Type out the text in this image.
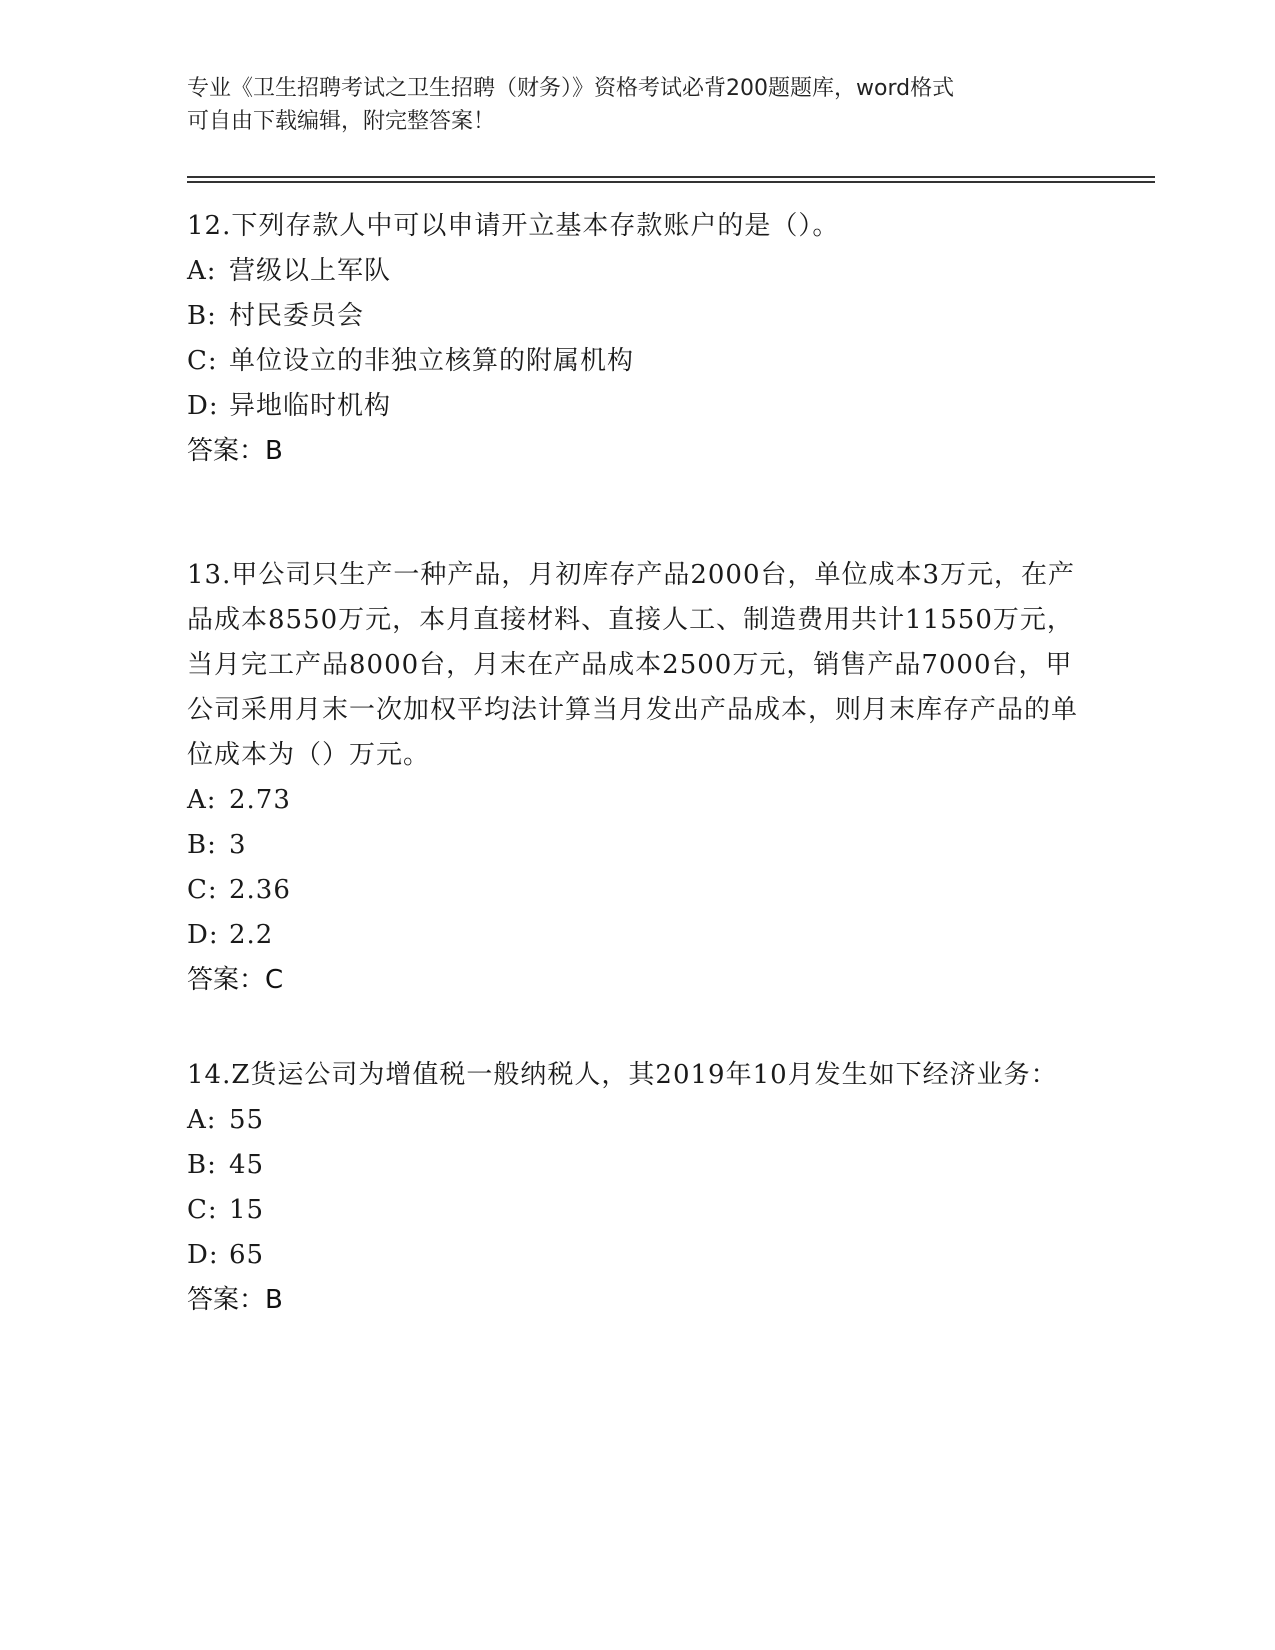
专业《卫生招聘考试之卫生招聘（财务）》资格考试必背200题题库，word格式
可自由下载编辑，附完整答案！

12.下列存款人中可以申请开立基本存款账户的是（）。

A: 营级以上军队

B: 村民委员会

C: 单位设立的非独立核算的附属机构

D: 异地临时机构

答案：B

13.甲公司只生产一种产品，月初库存产品2000台，单位成本3万元，在产品成本8550万元，本月直接材料、直接人工、制造费用共计11550万元，当月完工产品8000台，月末在产品成本2500万元，销售产品7000台，甲公司采用月末一次加权平均法计算当月发出产品成本，则月末库存产品的单位成本为（）万元。

A: 2.73

B: 3

C: 2.36

D: 2.2

答案：C

14.Z货运公司为增值税一般纳税人，其2019年10月发生如下经济业务：

A: 55

B: 45

C: 15

D: 65

答案：B
